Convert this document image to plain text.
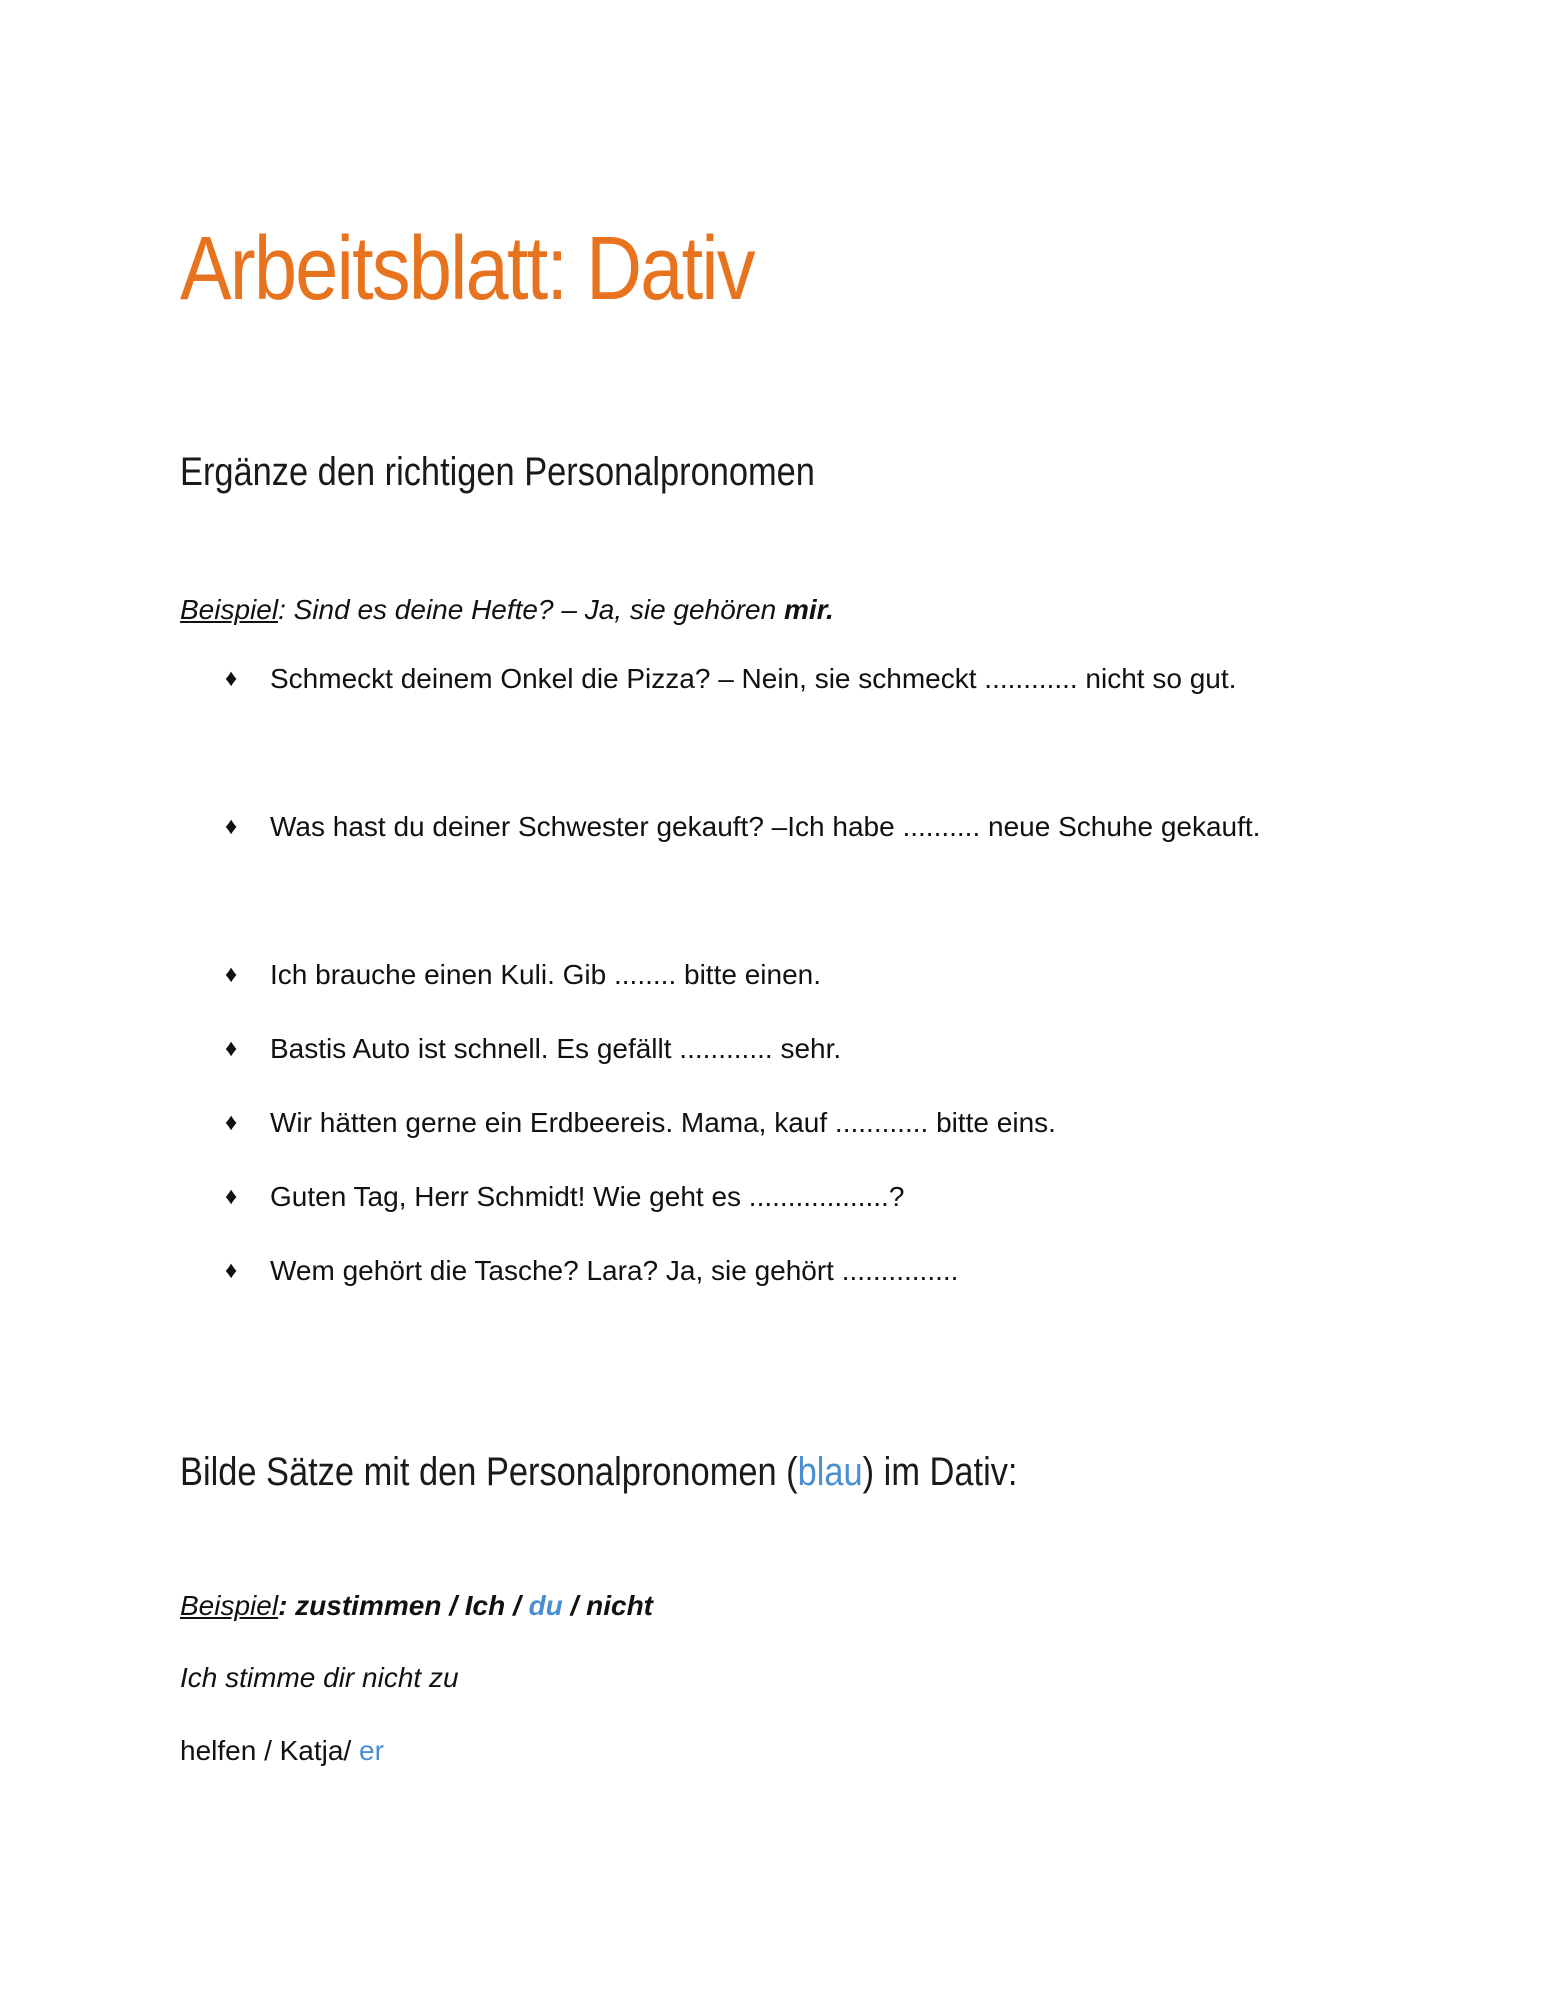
Arbeitsblatt: Dativ
Ergänze den richtigen Personalpronomen
Beispiel: Sind es deine Hefte? – Ja, sie gehören mir.
♦ Schmeckt deinem Onkel die Pizza? – Nein, sie schmeckt ............ nicht so gut.
♦ Was hast du deiner Schwester gekauft? –Ich habe .......... neue Schuhe gekauft.
♦ Ich brauche einen Kuli. Gib ........ bitte einen.
♦ Bastis Auto ist schnell. Es gefällt ............ sehr.
♦ Wir hätten gerne ein Erdbeereis. Mama, kauf ............ bitte eins.
♦ Guten Tag, Herr Schmidt! Wie geht es ..................?
♦ Wem gehört die Tasche? Lara? Ja, sie gehört ...............
Bilde Sätze mit den Personalpronomen (blau) im Dativ:
Beispiel: zustimmen / Ich / du / nicht
Ich stimme dir nicht zu
helfen / Katja/ er
